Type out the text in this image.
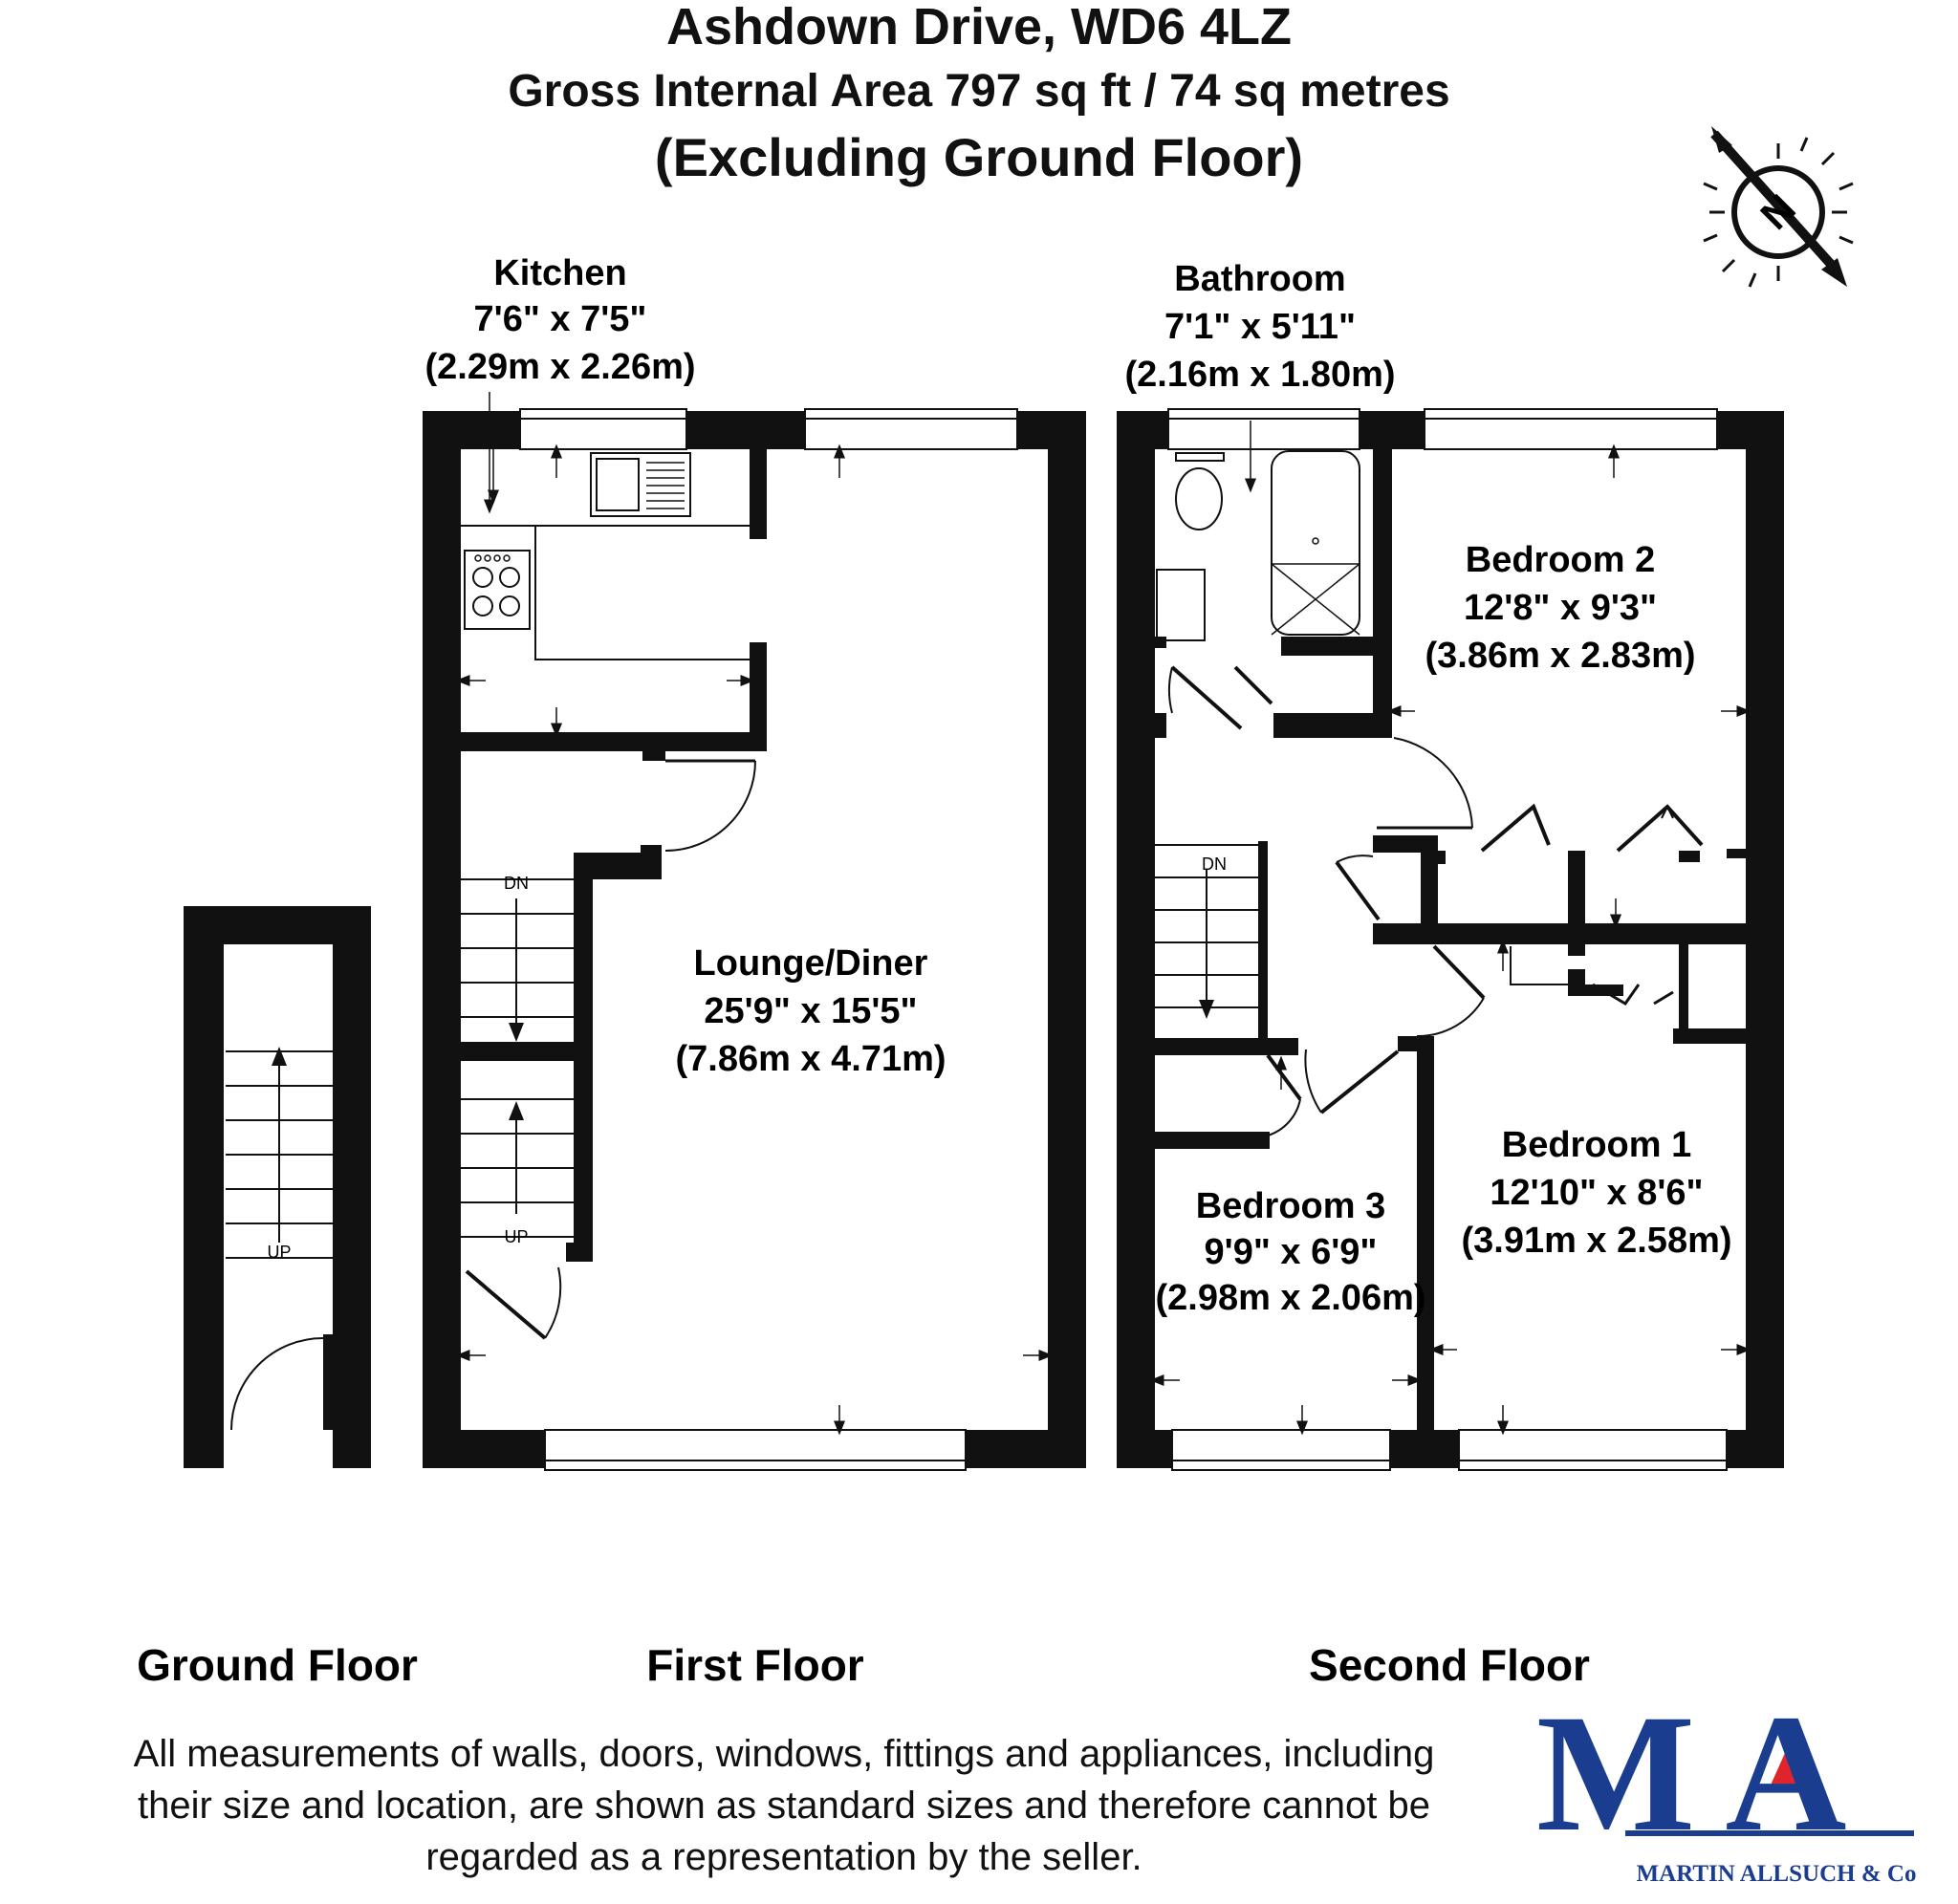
Ashdown Drive, WD6 4LZ
Gross Internal Area 797 sq ft / 74 sq metres
(Excluding Ground Floor)
N
UP
DN
UP
DN
Kitchen
7'6" x 7'5"
(2.29m x 2.26m)
Bathroom
7'1" x 5'11"
(2.16m x 1.80m)
Lounge/Diner
25'9" x 15'5"
(7.86m x 4.71m)
Bedroom 2
12'8" x 9'3"
(3.86m x 2.83m)
Bedroom 1
12'10" x 8'6"
(3.91m x 2.58m)
Bedroom 3
9'9" x 6'9"
(2.98m x 2.06m)
Ground Floor	First Floor	Second Floor
M A
MARTIN ALLSUCH & Co
All measurements of walls, doors, windows, fittings and appliances, including
their size and location, are shown as standard sizes and therefore cannot be
regarded as a representation by the seller.
